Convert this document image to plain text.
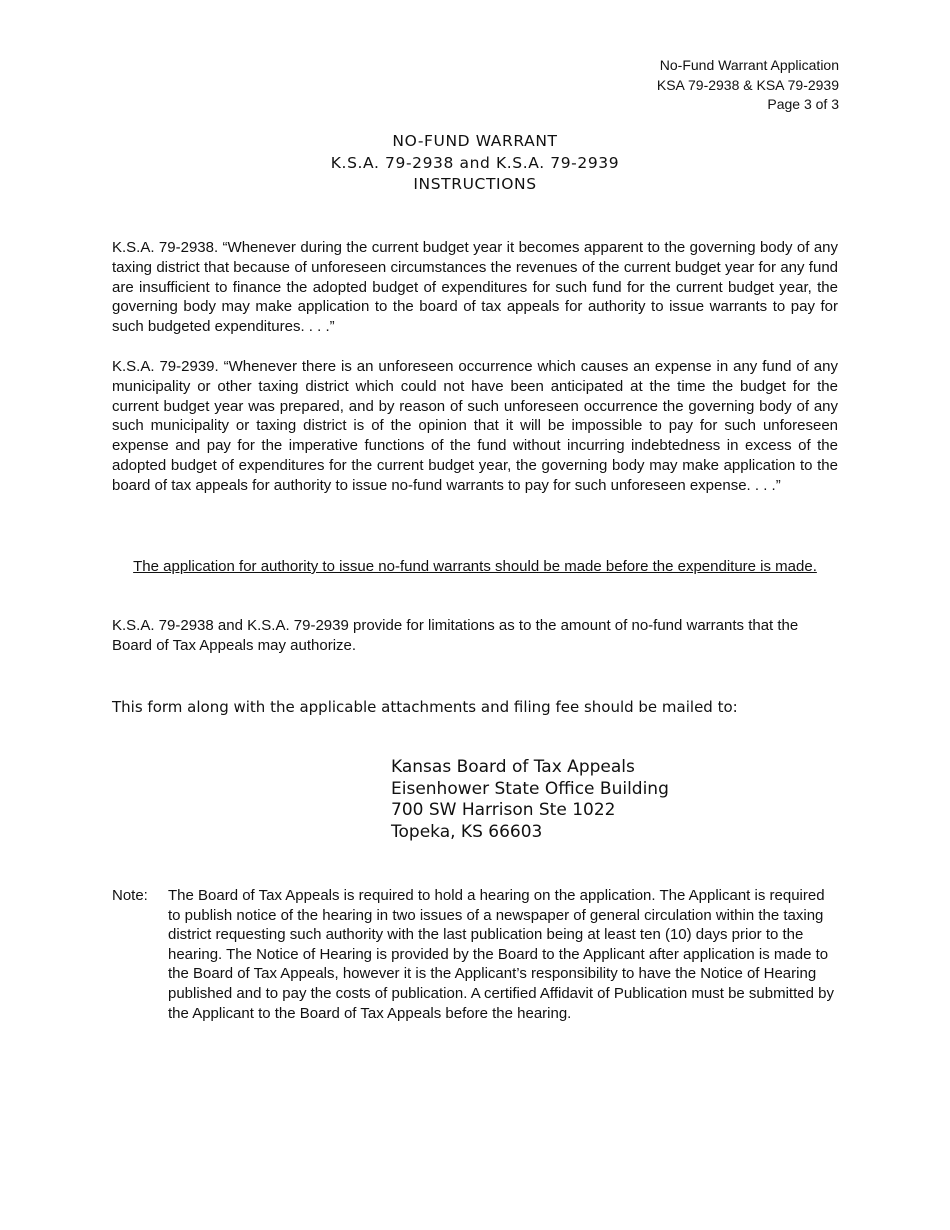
No-Fund Warrant Application
KSA 79-2938 & KSA 79-2939
Page 3 of 3
NO-FUND WARRANT
K.S.A. 79-2938 and K.S.A. 79-2939
INSTRUCTIONS

K.S.A. 79-2938. “Whenever during the current budget year it becomes apparent to the governing body of any taxing district that because of unforeseen circumstances the revenues of the current budget year for any fund are insufficient to finance the adopted budget of expenditures for such fund for the current budget year, the governing body may make application to the board of tax appeals for authority to issue warrants to pay for such budgeted expenditures. . . .”

K.S.A. 79-2939. “Whenever there is an unforeseen occurrence which causes an expense in any fund of any municipality or other taxing district which could not have been anticipated at the time the budget for the current budget year was prepared, and by reason of such unforeseen occurrence the governing body of any such municipality or taxing district is of the opinion that it will be impossible to pay for such unforeseen expense and pay for the imperative functions of the fund without incurring indebtedness in excess of the adopted budget of expenditures for the current budget year, the governing body may make application to the board of tax appeals for authority to issue no-fund warrants to pay for such unforeseen expense. . . .”

The application for authority to issue no-fund warrants should be made before the expenditure is made.

K.S.A. 79-2938 and K.S.A. 79-2939 provide for limitations as to the amount of no-fund warrants that the Board of Tax Appeals may authorize.

This form along with the applicable attachments and filing fee should be mailed to:

Kansas Board of Tax Appeals
Eisenhower State Office Building
700 SW Harrison Ste 1022
Topeka, KS 66603
Note: The Board of Tax Appeals is required to hold a hearing on the application. The Applicant is required to publish notice of the hearing in two issues of a newspaper of general circulation within the taxing district requesting such authority with the last publication being at least ten (10) days prior to the hearing. The Notice of Hearing is provided by the Board to the Applicant after application is made to the Board of Tax Appeals, however it is the Applicant’s responsibility to have the Notice of Hearing published and to pay the costs of publication. A certified Affidavit of Publication must be submitted by the Applicant to the Board of Tax Appeals before the hearing.
